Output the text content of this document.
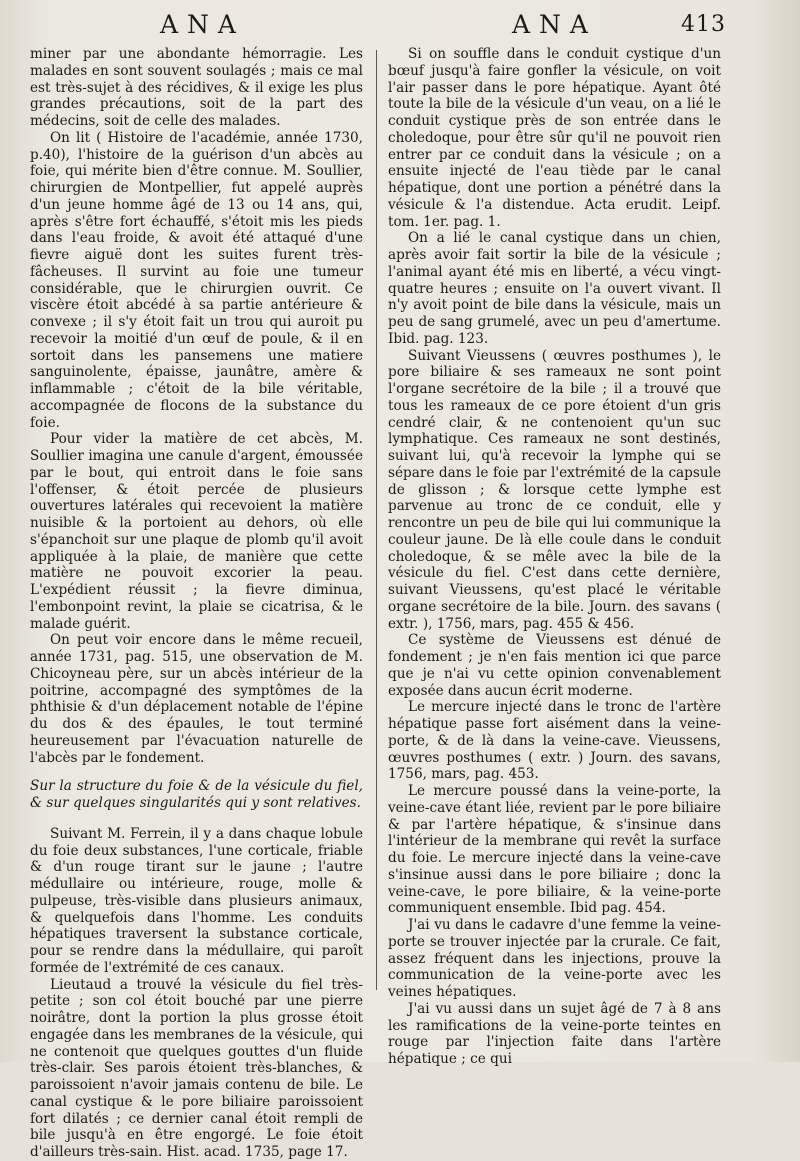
ANA	ANA	413

miner par une abondante hémorragie. Les malades en sont souvent soulagés ; mais ce mal est très-sujet à des récidives, & il exige les plus grandes précautions, soit de la part des médecins, soit de celle des malades.

On lit ( Histoire de l'académie, année 1730, p.40), l'histoire de la guérison d'un abcès au foie, qui mérite bien d'être connue. M. Soullier, chirurgien de Montpellier, fut appelé auprès d'un jeune homme âgé de 13 ou 14 ans, qui, après s'être fort échauffé, s'étoit mis les pieds dans l'eau froide, & avoit été attaqué d'une fievre aiguë dont les suites furent très-fâcheuses. Il survint au foie une tumeur considérable, que le chirurgien ouvrit. Ce viscère étoit abcédé à sa partie antérieure & convexe ; il s'y étoit fait un trou qui auroit pu recevoir la moitié d'un œuf de poule, & il en sortoit dans les pansemens une matiere sanguinolente, épaisse, jaunâtre, amère & inflammable ; c'étoit de la bile véritable, accompagnée de flocons de la substance du foie.

Pour vider la matière de cet abcès, M. Soullier imagina une canule d'argent, émoussée par le bout, qui entroit dans le foie sans l'offenser, & étoit percée de plusieurs ouvertures latérales qui recevoient la matière nuisible & la portoient au dehors, où elle s'épanchoit sur une plaque de plomb qu'il avoit appliquée à la plaie, de manière que cette matière ne pouvoit excorier la peau. L'expédient réussit ; la fievre diminua, l'embonpoint revint, la plaie se cicatrisa, & le malade guérit.

On peut voir encore dans le même recueil, année 1731, pag. 515, une observation de M. Chicoyneau père, sur un abcès intérieur de la poitrine, accompagné des symptômes de la phthisie & d'un déplacement notable de l'épine du dos & des épaules, le tout terminé heureusement par l'évacuation naturelle de l'abcès par le fondement.

Sur la structure du foie & de la vésicule du fiel, & sur quelques singularités qui y sont relatives.

Suivant M. Ferrein, il y a dans chaque lobule du foie deux substances, l'une corticale, friable & d'un rouge tirant sur le jaune ; l'autre médullaire ou intérieure, rouge, molle & pulpeuse, très-visible dans plusieurs animaux, & quelquefois dans l'homme. Les conduits hépatiques traversent la substance corticale, pour se rendre dans la médullaire, qui paroît formée de l'extrémité de ces canaux.

Lieutaud a trouvé la vésicule du fiel très-petite ; son col étoit bouché par une pierre noirâtre, dont la portion la plus grosse étoit engagée dans les membranes de la vésicule, qui ne contenoit que quelques gouttes d'un fluide très-clair. Ses parois étoient très-blanches, & paroissoient n'avoir jamais contenu de bile. Le canal cystique & le pore biliaire paroissoient fort dilatés ; ce dernier canal étoit rempli de bile jusqu'à en être engorgé. Le foie étoit d'ailleurs très-sain. Hist. acad. 1735, page 17.

Si on souffle dans le conduit cystique d'un bœuf jusqu'à faire gonfler la vésicule, on voit l'air passer dans le pore hépatique. Ayant ôté toute la bile de la vésicule d'un veau, on a lié le conduit cystique près de son entrée dans le choledoque, pour être sûr qu'il ne pouvoit rien entrer par ce conduit dans la vésicule ; on a ensuite injecté de l'eau tiède par le canal hépatique, dont une portion a pénétré dans la vésicule & l'a distendue. Acta erudit. Leipf. tom. 1er. pag. 1.

On a lié le canal cystique dans un chien, après avoir fait sortir la bile de la vésicule ; l'animal ayant été mis en liberté, a vécu vingt-quatre heures ; ensuite on l'a ouvert vivant. Il n'y avoit point de bile dans la vésicule, mais un peu de sang grumelé, avec un peu d'amertume. Ibid. pag. 123.

Suivant Vieussens ( œuvres posthumes ), le pore biliaire & ses rameaux ne sont point l'organe secrétoire de la bile ; il a trouvé que tous les rameaux de ce pore étoient d'un gris cendré clair, & ne contenoient qu'un suc lymphatique. Ces rameaux ne sont destinés, suivant lui, qu'à recevoir la lymphe qui se sépare dans le foie par l'extrémité de la capsule de glisson ; & lorsque cette lymphe est parvenue au tronc de ce conduit, elle y rencontre un peu de bile qui lui communique la couleur jaune. De là elle coule dans le conduit choledoque, & se mêle avec la bile de la vésicule du fiel. C'est dans cette dernière, suivant Vieussens, qu'est placé le véritable organe secrétoire de la bile. Journ. des savans ( extr. ), 1756, mars, pag. 455 & 456.

Ce système de Vieussens est dénué de fondement ; je n'en fais mention ici que parce que je n'ai vu cette opinion convenablement exposée dans aucun écrit moderne.

Le mercure injecté dans le tronc de l'artère hépatique passe fort aisément dans la veine-porte, & de là dans la veine-cave. Vieussens, œuvres posthumes ( extr. ) Journ. des savans, 1756, mars, pag. 453.

Le mercure poussé dans la veine-porte, la veine-cave étant liée, revient par le pore biliaire & par l'artère hépatique, & s'insinue dans l'intérieur de la membrane qui revêt la surface du foie. Le mercure injecté dans la veine-cave s'insinue aussi dans le pore biliaire ; donc la veine-cave, le pore biliaire, & la veine-porte communiquent ensemble. Ibid pag. 454.

J'ai vu dans le cadavre d'une femme la veine-porte se trouver injectée par la crurale. Ce fait, assez fréquent dans les injections, prouve la communication de la veine-porte avec les veines hépatiques.

J'ai vu aussi dans un sujet âgé de 7 à 8 ans les ramifications de la veine-porte teintes en rouge par l'injection faite dans l'artère hépatique ; ce qui
